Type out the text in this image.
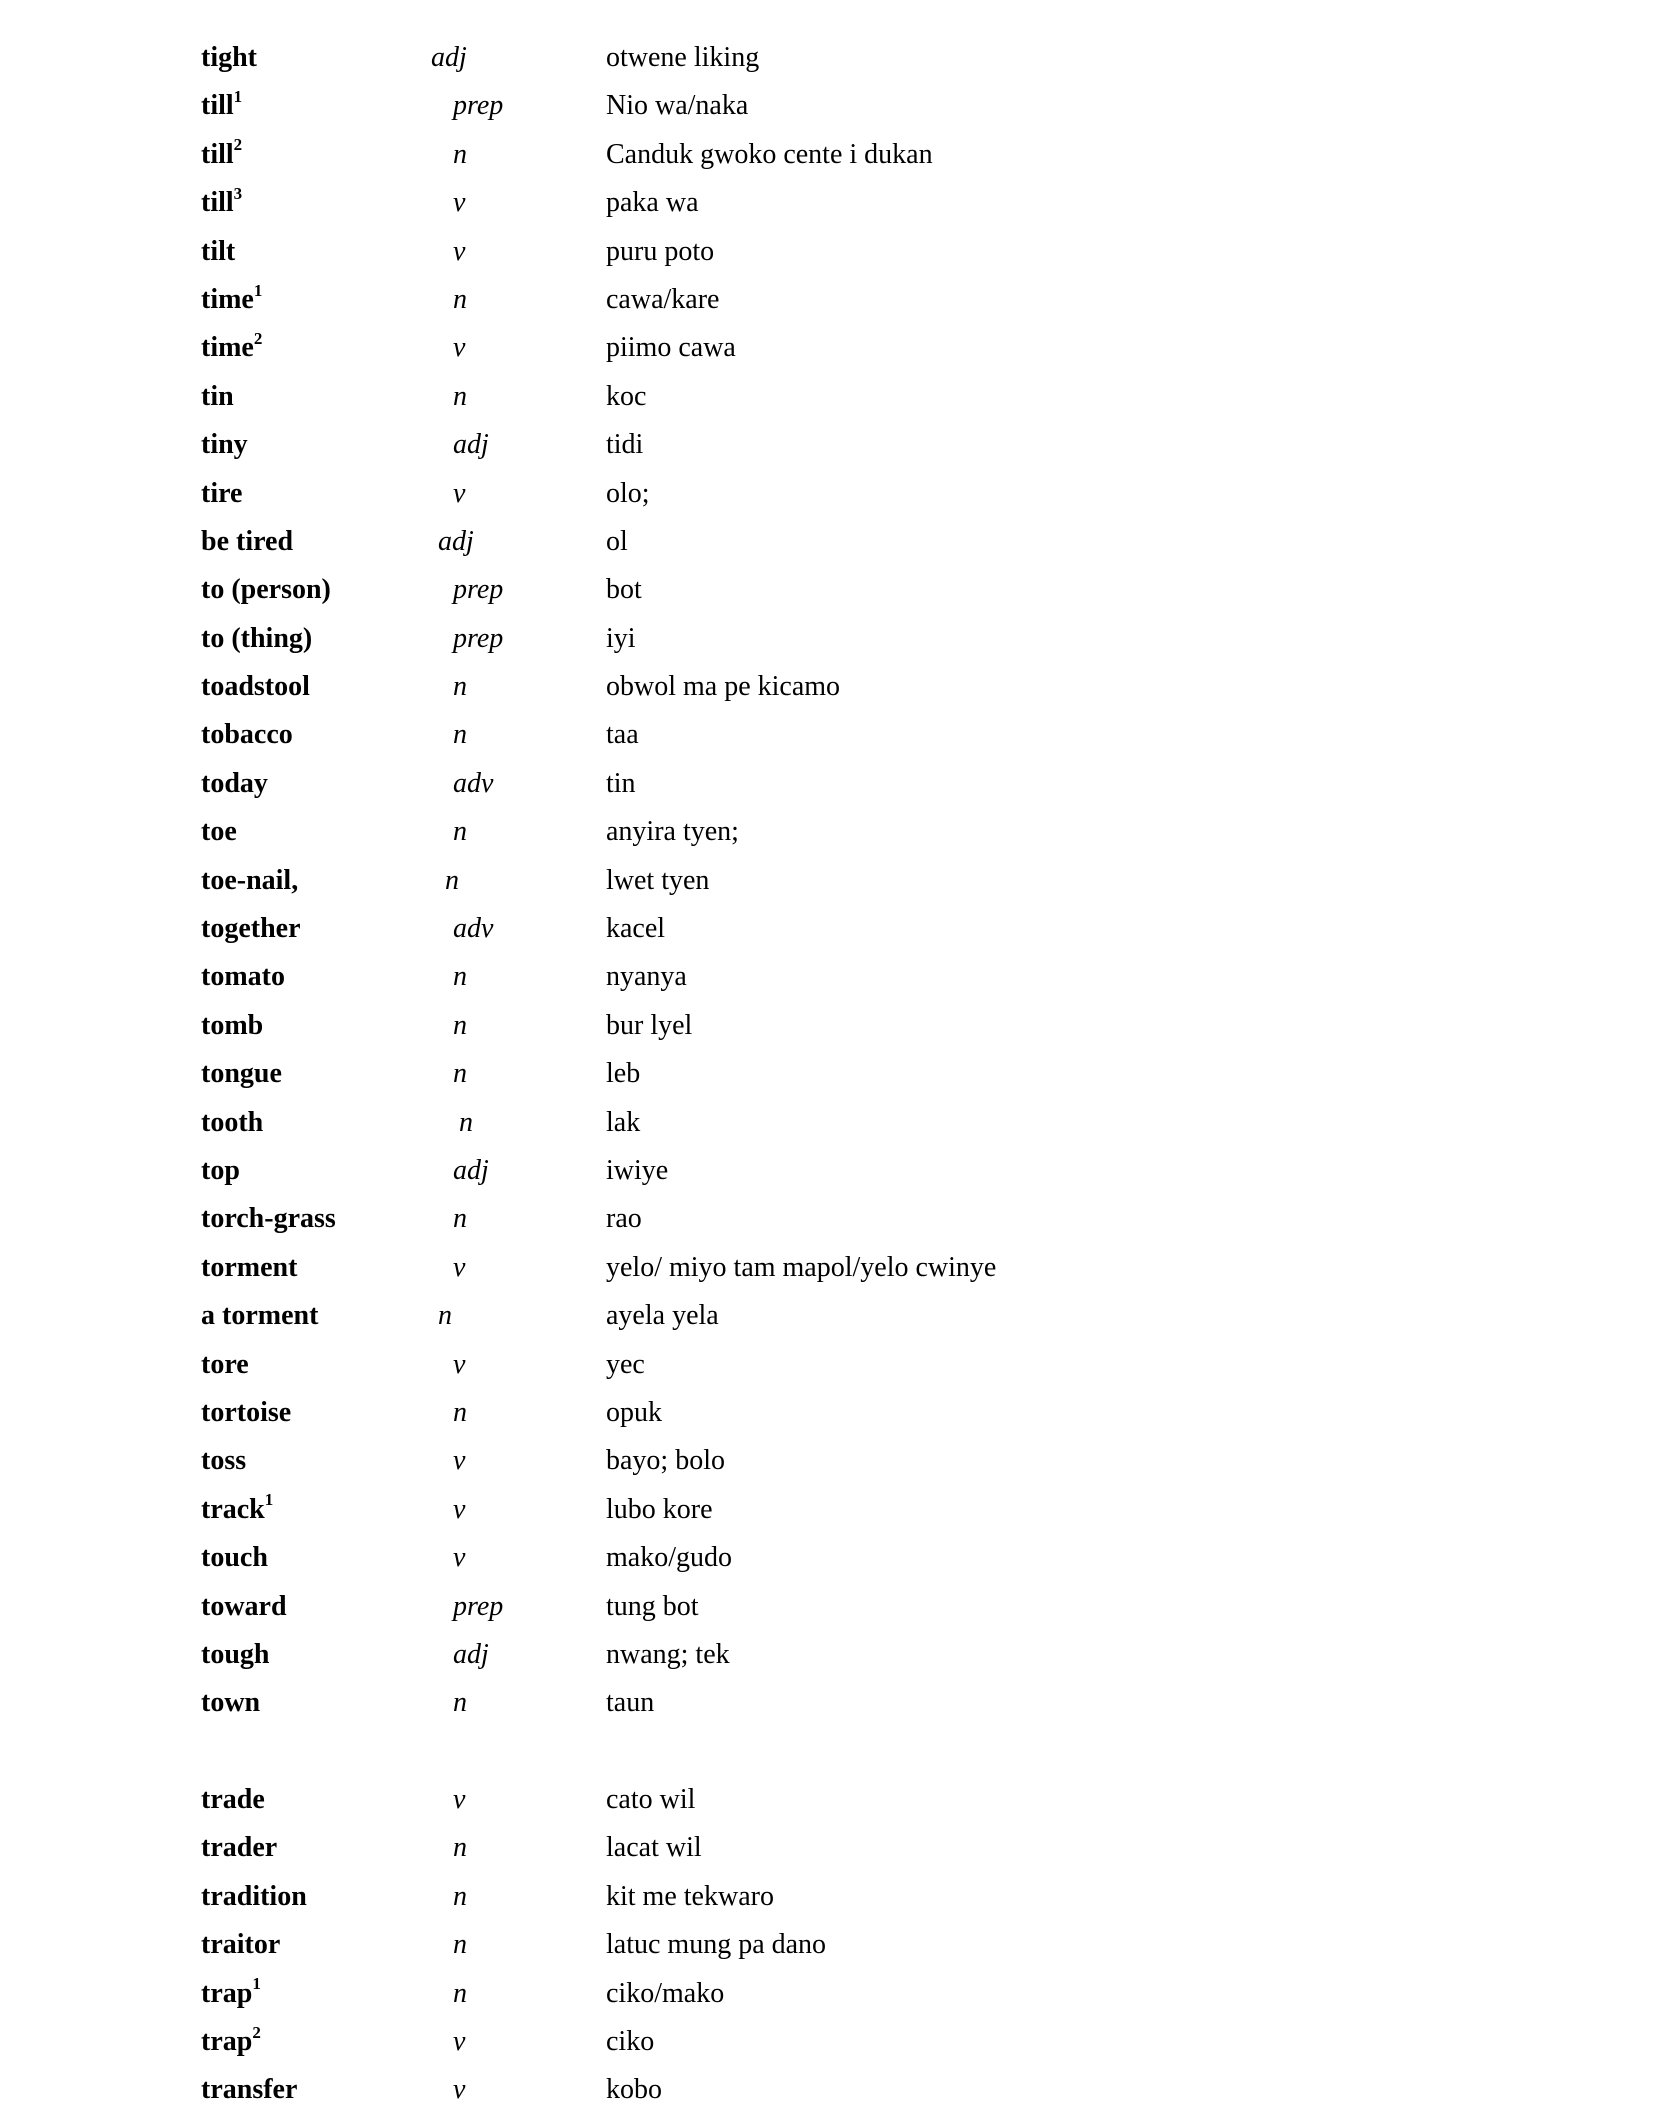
tight	adj	otwene liking
till$^1$	prep	Nio wa/naka
till$^2$	n	Canduk gwoko cente i dukan
till$^3$	v	paka wa
tilt	v	puru poto
time$^1$	n	cawa/kare
time$^2$	v	piimo cawa
tin	n	koc
tiny	adj	tidi
tire	v	olo;
be tired	adj	ol
to (person)	prep	bot
to (thing)	prep	iyi
toadstool	n	obwol ma pe kicamo
tobacco	n	taa
today	adv	tin
toe	n	anyira tyen;
toe-nail,	n	lwet tyen
together	adv	kacel
tomato	n	nyanya
tomb	n	bur lyel
tongue	n	leb
tooth	n	lak
top	adj	iwiye
torch-grass	n	rao
torment	v	yelo/ miyo tam mapol/yelo cwinye
a torment	n	ayela yela
tore	v	yec
tortoise	n	opuk
toss	v	bayo; bolo
track$^1$	v	lubo kore
touch	v	mako/gudo
toward	prep	tung bot
tough	adj	nwang; tek
town	n	taun
trade	v	cato wil
trader	n	lacat wil
tradition	n	kit me tekwaro
traitor	n	latuc mung pa dano
trap$^1$	n	ciko/mako
trap$^2$	v	ciko
transfer	v	kobo
